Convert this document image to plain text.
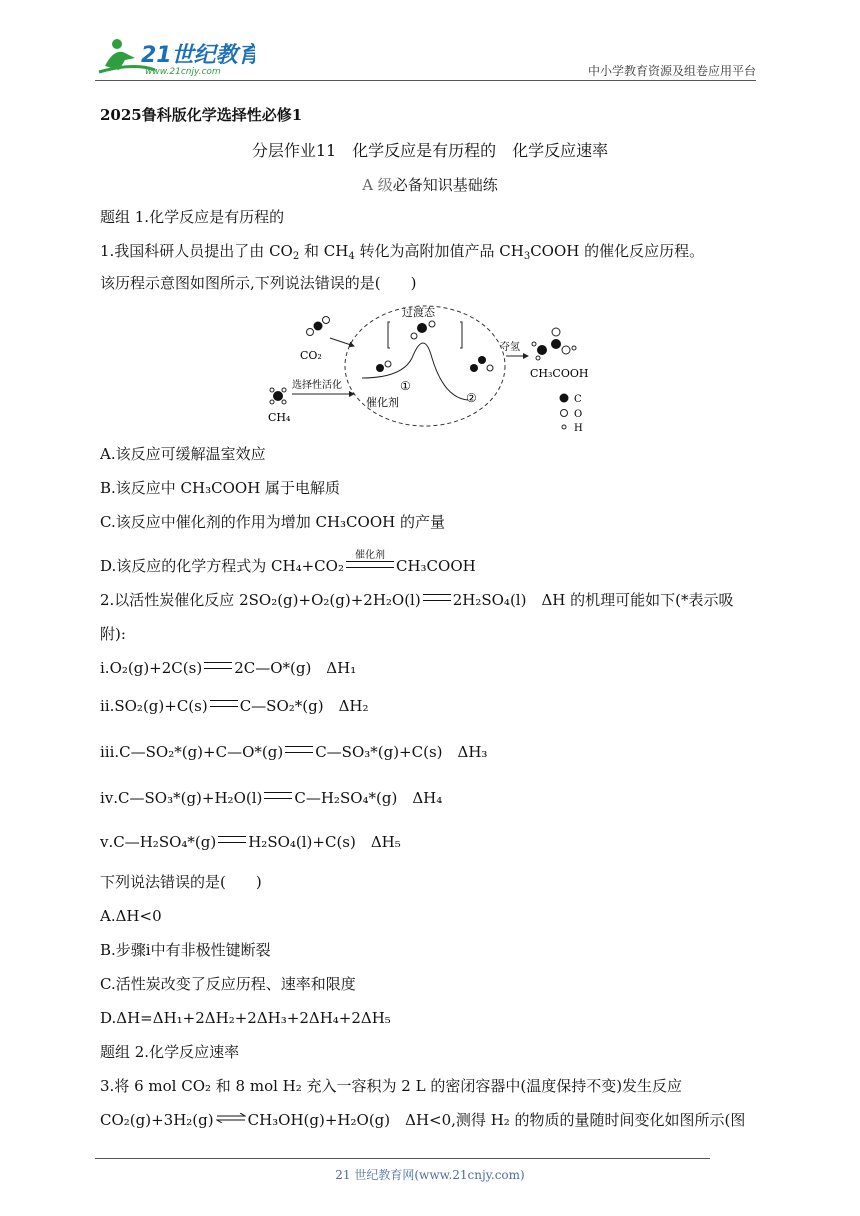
21世纪教育
www.21cnjy.com	中小学教育资源及组卷应用平台
2025鲁科版化学选择性必修1
分层作业11　化学反应是有历程的　化学反应速率
A 级必备知识基础练
题组 1.化学反应是有历程的
1.我国科研人员提出了由 $CO_2$ 和 $CH_4$ 转化为高附加值产品 $CH_3COOH$ 的催化反应历程。
该历程示意图如图所示,下列说法错误的是(　　)
CO₂
CH₄
选择性活化
过渡态
催化剂
①
②
夺氢
CH₃COOH
C
O
H
A.该反应可缓解温室效应
B.该反应中 CH₃COOH 属于电解质
C.该反应中催化剂的作用为增加 CH₃COOH 的产量
D.该反应的化学方程式为 CH₄+CO₂
催化剂
CH₃COOH
2.以活性炭催化反应 2SO₂(g)+O₂(g)+2H₂O(l) 2H₂SO₄(l)　ΔH 的机理可能如下(*表示吸
附):
ⅰ.O₂(g)+2C(s) 2C—O*(g)　ΔH₁
ⅱ.SO₂(g)+C(s) C—SO₂*(g)　ΔH₂
ⅲ.C—SO₂*(g)+C—O*(g) C—SO₃*(g)+C(s)　ΔH₃
ⅳ.C—SO₃*(g)+H₂O(l) C—H₂SO₄*(g)　ΔH₄
ⅴ.C—H₂SO₄*(g) H₂SO₄(l)+C(s)　ΔH₅
下列说法错误的是(　　)
A.ΔH<0
B.步骤ⅰ中有非极性键断裂
C.活性炭改变了反应历程、速率和限度
D.ΔH=ΔH₁+2ΔH₂+2ΔH₃+2ΔH₄+2ΔH₅
题组 2.化学反应速率
3.将 6 mol CO₂ 和 8 mol H₂ 充入一容积为 2 L 的密闭容器中(温度保持不变)发生反应
CO₂(g)+3H₂(g) ⇌ CH₃OH(g)+H₂O(g)　ΔH<0,测得 H₂ 的物质的量随时间变化如图所示(图
21 世纪教育网(www.21cnjy.com)
